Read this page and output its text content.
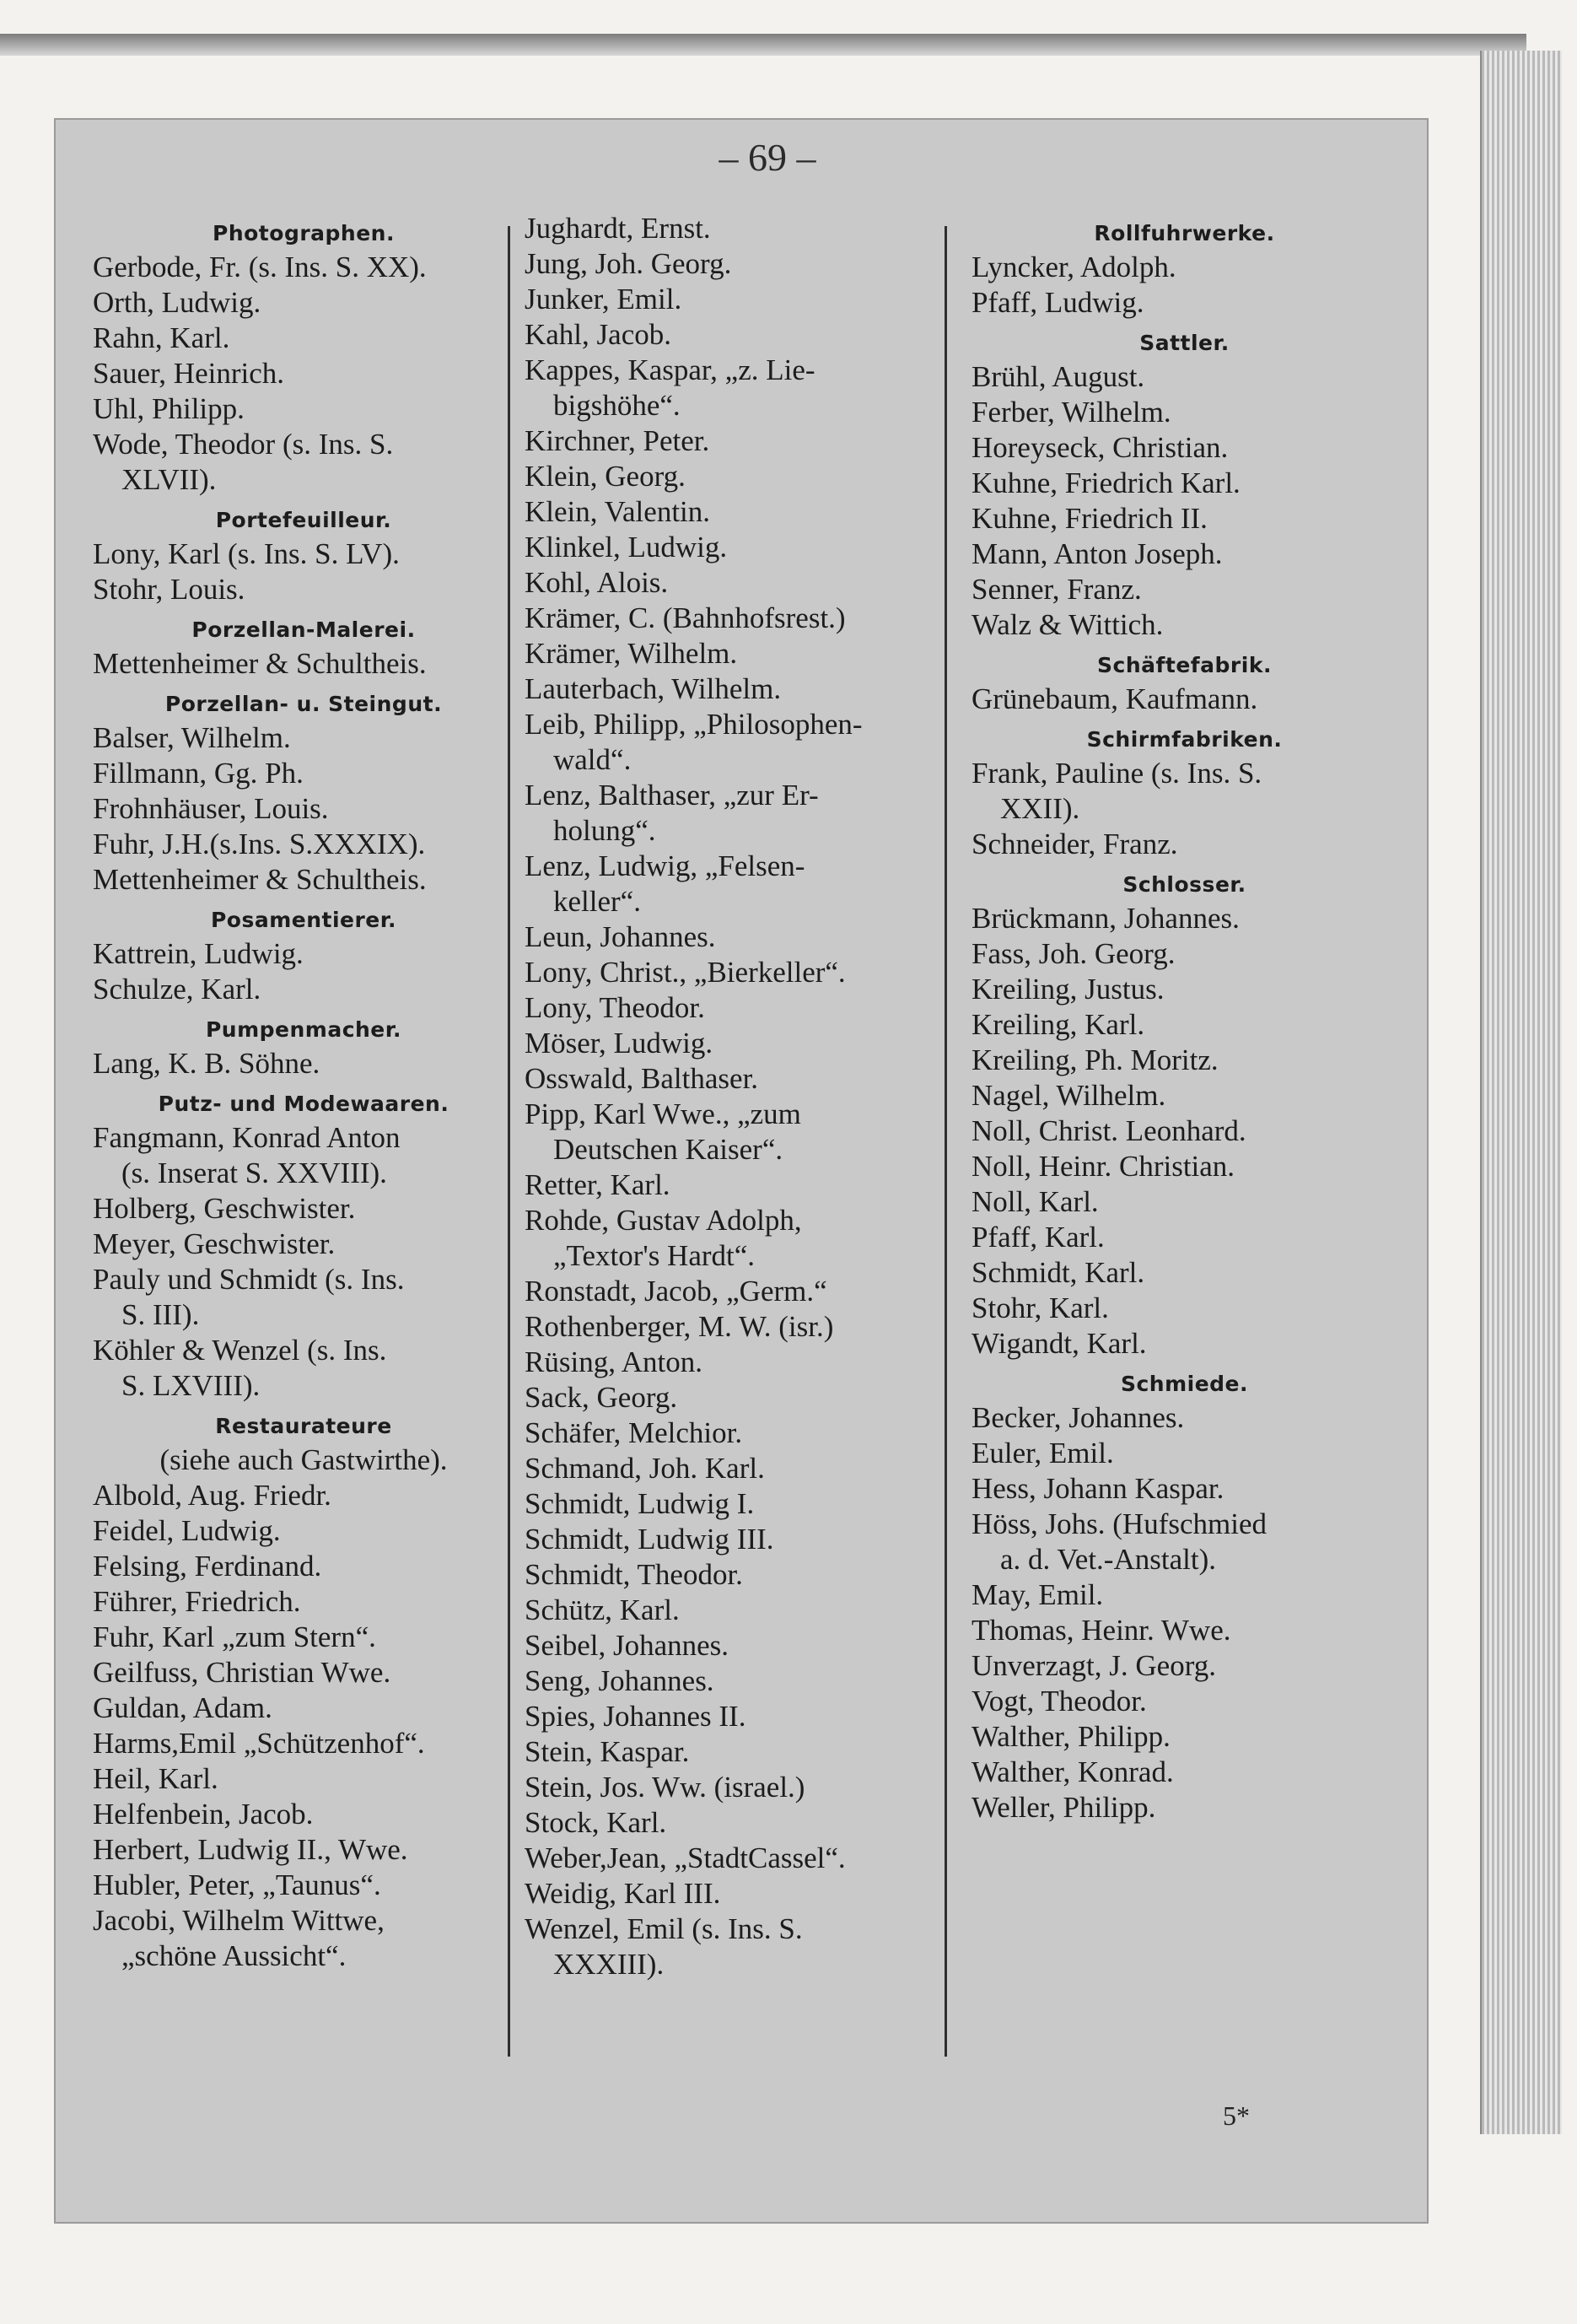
– 69 –
Photographen.
Gerbode, Fr. (s. Ins. S. XX).
Orth, Ludwig.
Rahn, Karl.
Sauer, Heinrich.
Uhl, Philipp.
Wode, Theodor (s. Ins. S.
XLVII).
Portefeuilleur.
Lony, Karl (s. Ins. S. LV).
Stohr, Louis.
Porzellan-Malerei.
Mettenheimer & Schultheis.
Porzellan- u. Steingut.
Balser, Wilhelm.
Fillmann, Gg. Ph.
Frohnhäuser, Louis.
Fuhr, J.H.(s.Ins. S.XXXIX).
Mettenheimer & Schultheis.
Posamentierer.
Kattrein, Ludwig.
Schulze, Karl.
Pumpenmacher.
Lang, K. B. Söhne.
Putz- und Modewaaren.
Fangmann, Konrad Anton
(s. Inserat S. XXVIII).
Holberg, Geschwister.
Meyer, Geschwister.
Pauly und Schmidt (s. Ins.
S. III).
Köhler & Wenzel (s. Ins.
S. LXVIII).
Restaurateure
(siehe auch Gastwirthe).
Albold, Aug. Friedr.
Feidel, Ludwig.
Felsing, Ferdinand.
Führer, Friedrich.
Fuhr, Karl „zum Stern“.
Geilfuss, Christian Wwe.
Guldan, Adam.
Harms,Emil „Schützenhof“.
Heil, Karl.
Helfenbein, Jacob.
Herbert, Ludwig II., Wwe.
Hubler, Peter, „Taunus“.
Jacobi, Wilhelm Wittwe,
„schöne Aussicht“.
Jughardt, Ernst.
Jung, Joh. Georg.
Junker, Emil.
Kahl, Jacob.
Kappes, Kaspar, „z. Lie-
bigshöhe“.
Kirchner, Peter.
Klein, Georg.
Klein, Valentin.
Klinkel, Ludwig.
Kohl, Alois.
Krämer, C. (Bahnhofsrest.)
Krämer, Wilhelm.
Lauterbach, Wilhelm.
Leib, Philipp, „Philosophen-
wald“.
Lenz, Balthaser, „zur Er-
holung“.
Lenz, Ludwig, „Felsen-
keller“.
Leun, Johannes.
Lony, Christ., „Bierkeller“.
Lony, Theodor.
Möser, Ludwig.
Osswald, Balthaser.
Pipp, Karl Wwe., „zum
Deutschen Kaiser“.
Retter, Karl.
Rohde, Gustav Adolph,
„Textor's Hardt“.
Ronstadt, Jacob, „Germ.“
Rothenberger, M. W. (isr.)
Rüsing, Anton.
Sack, Georg.
Schäfer, Melchior.
Schmand, Joh. Karl.
Schmidt, Ludwig I.
Schmidt, Ludwig III.
Schmidt, Theodor.
Schütz, Karl.
Seibel, Johannes.
Seng, Johannes.
Spies, Johannes II.
Stein, Kaspar.
Stein, Jos. Ww. (israel.)
Stock, Karl.
Weber,Jean, „StadtCassel“.
Weidig, Karl III.
Wenzel, Emil (s. Ins. S.
XXXIII).
Rollfuhrwerke.
Lyncker, Adolph.
Pfaff, Ludwig.
Sattler.
Brühl, August.
Ferber, Wilhelm.
Horeyseck, Christian.
Kuhne, Friedrich Karl.
Kuhne, Friedrich II.
Mann, Anton Joseph.
Senner, Franz.
Walz & Wittich.
Schäftefabrik.
Grünebaum, Kaufmann.
Schirmfabriken.
Frank, Pauline (s. Ins. S.
XXII).
Schneider, Franz.
Schlosser.
Brückmann, Johannes.
Fass, Joh. Georg.
Kreiling, Justus.
Kreiling, Karl.
Kreiling, Ph. Moritz.
Nagel, Wilhelm.
Noll, Christ. Leonhard.
Noll, Heinr. Christian.
Noll, Karl.
Pfaff, Karl.
Schmidt, Karl.
Stohr, Karl.
Wigandt, Karl.
Schmiede.
Becker, Johannes.
Euler, Emil.
Hess, Johann Kaspar.
Höss, Johs. (Hufschmied
a. d. Vet.-Anstalt).
May, Emil.
Thomas, Heinr. Wwe.
Unverzagt, J. Georg.
Vogt, Theodor.
Walther, Philipp.
Walther, Konrad.
Weller, Philipp.
5*
